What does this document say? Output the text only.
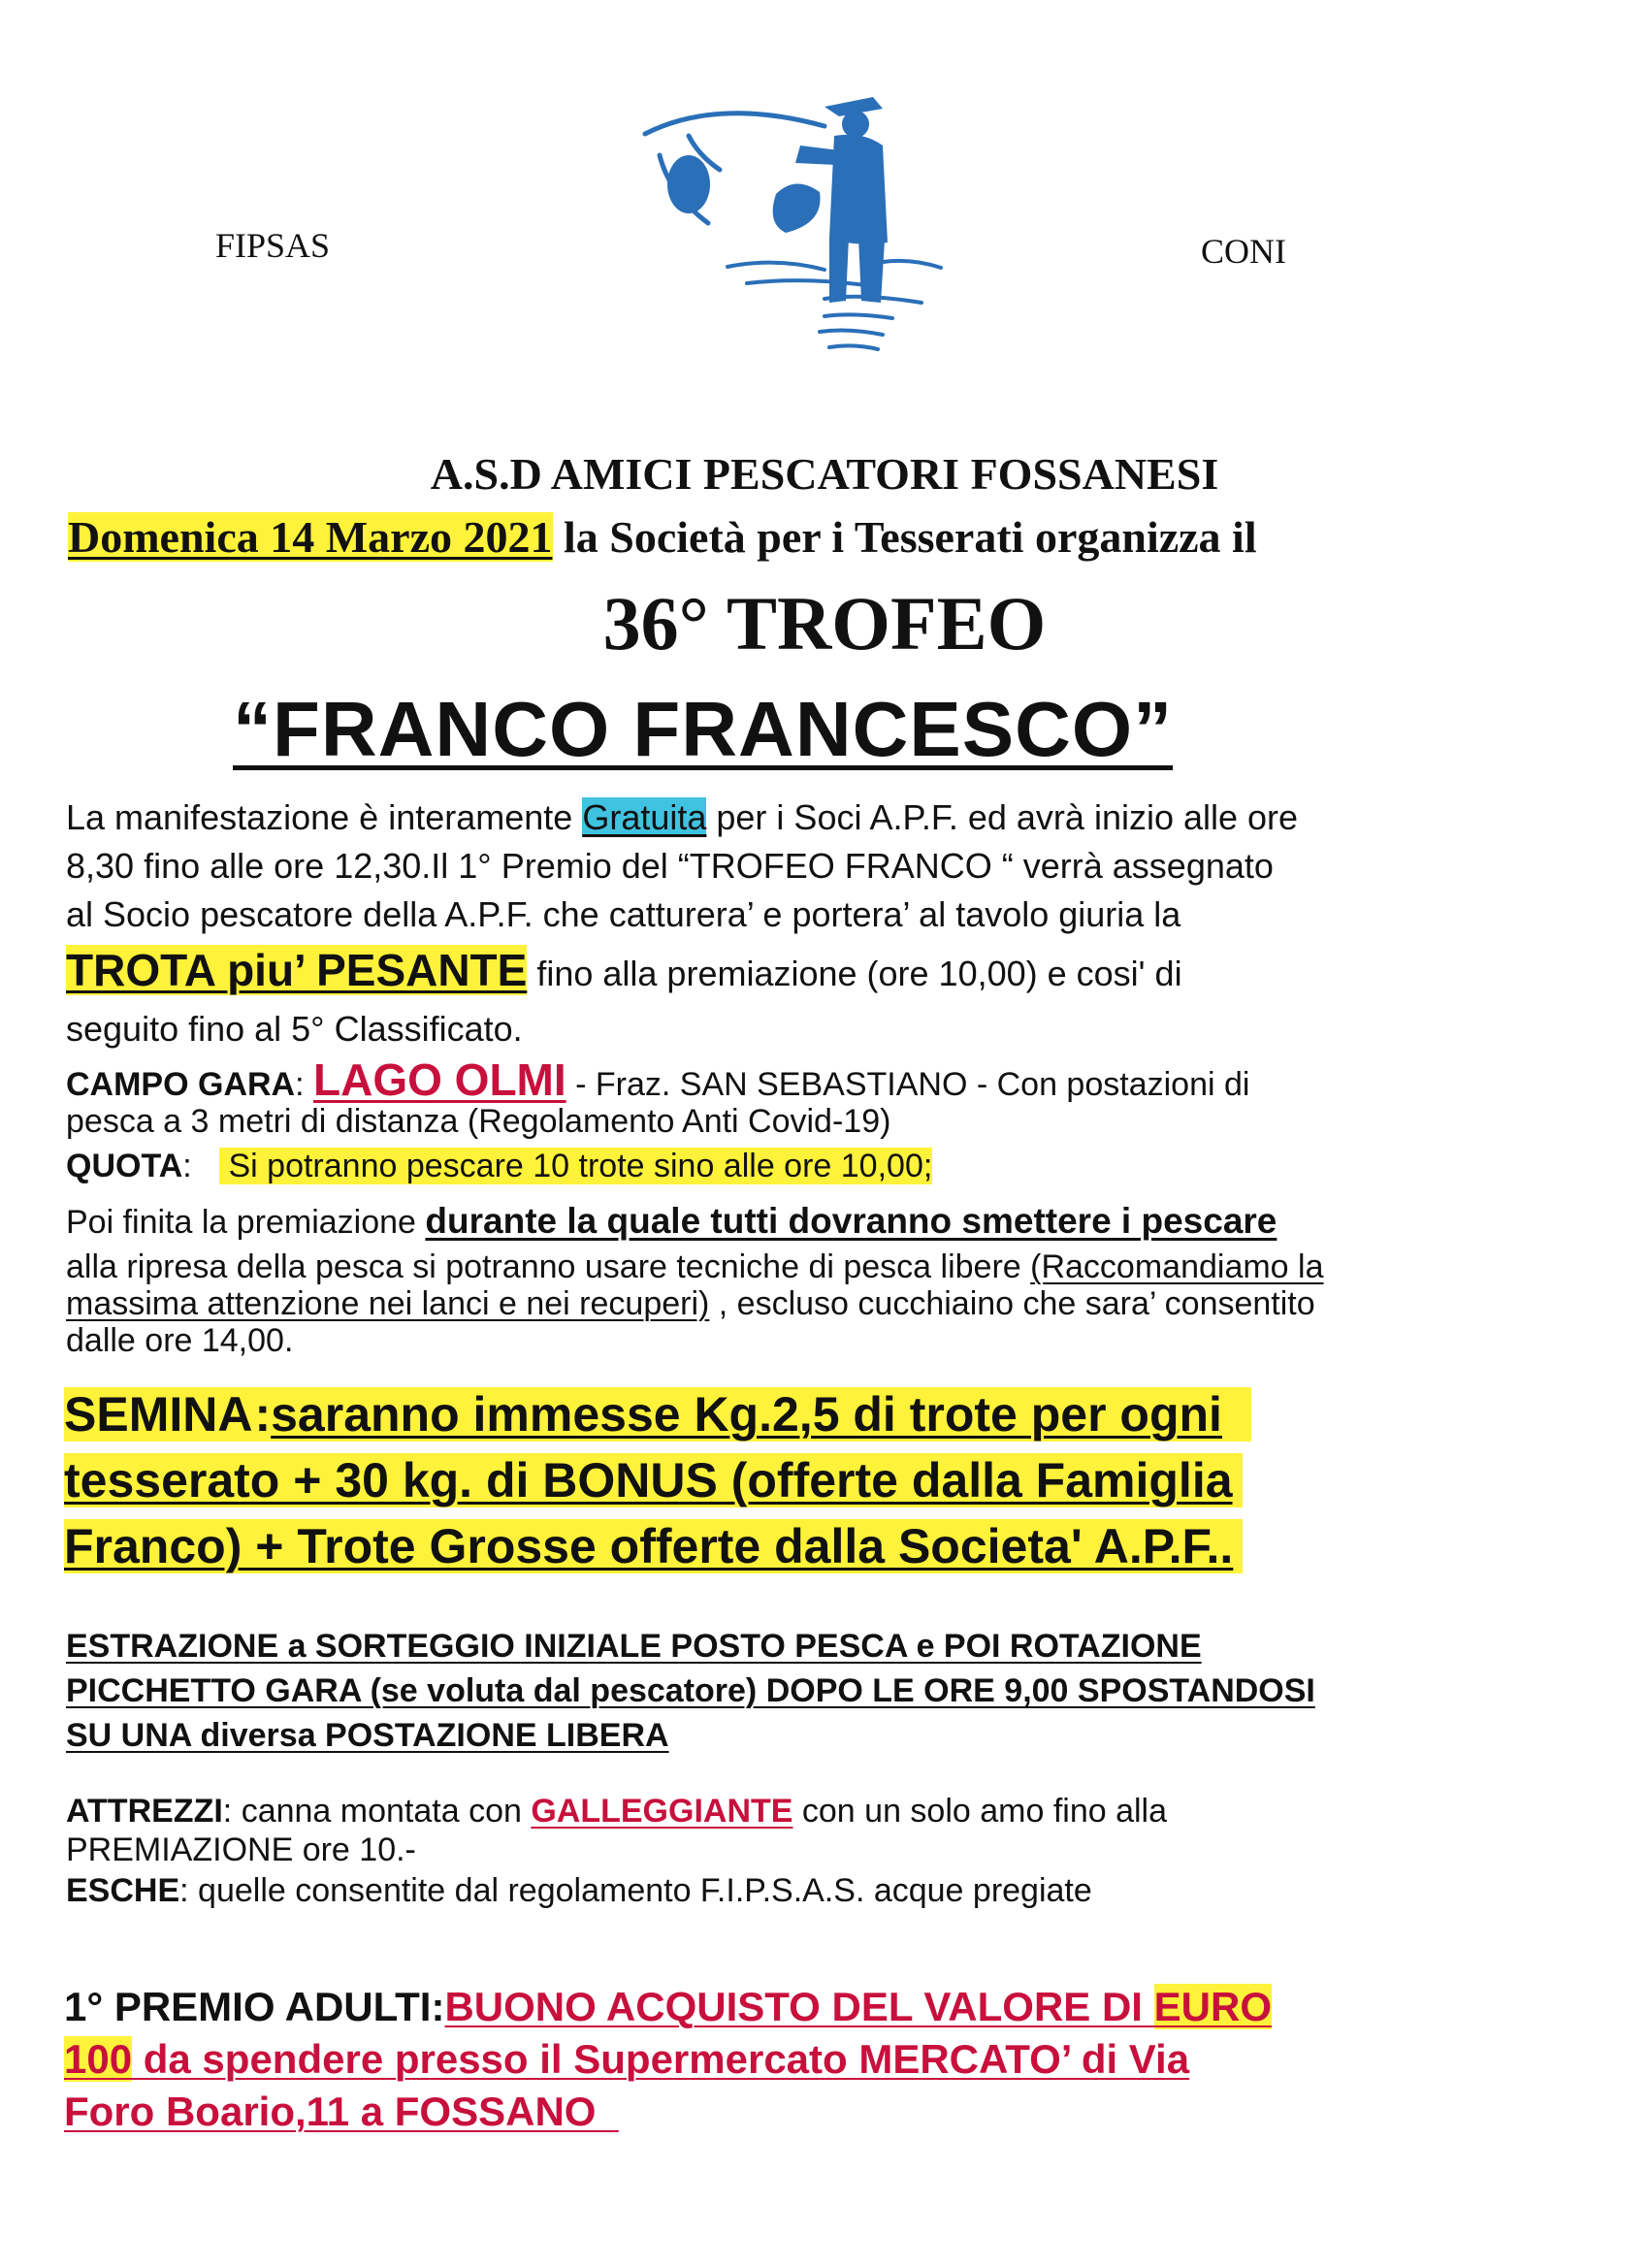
FIPSAS	CONI
A.S.D AMICI PESCATORI FOSSANESI
Domenica 14 Marzo 2021 la Società per i Tesserati organizza il
36° TROFEO
“FRANCO FRANCESCO”
La manifestazione è interamente Gratuita per i Soci A.P.F. ed avrà inizio alle ore
8,30 fino alle ore 12,30.Il 1° Premio del “TROFEO FRANCO “ verrà assegnato
al Socio pescatore della A.P.F. che catturera’ e portera’ al tavolo giuria la
TROTA piu’ PESANTE fino alla premiazione (ore 10,00) e cosi' di
seguito fino al 5° Classificato.
CAMPO GARA: LAGO OLMI - Fraz. SAN SEBASTIANO - Con postazioni di
pesca a 3 metri di distanza (Regolamento Anti Covid-19)
QUOTA:    Si potranno pescare 10 trote sino alle ore 10,00;
Poi finita la premiazione durante la quale tutti dovranno smettere i pescare
alla ripresa della pesca si potranno usare tecniche di pesca libere (Raccomandiamo la
massima attenzione nei lanci e nei recuperi) , escluso cucchiaino che sara’ consentito
dalle ore 14,00.
SEMINA:saranno immesse Kg.2,5 di trote per ogni
tesserato + 30 kg. di BONUS (offerte dalla Famiglia
Franco) + Trote Grosse offerte dalla Societa' A.P.F..
ESTRAZIONE a SORTEGGIO INIZIALE POSTO PESCA e POI ROTAZIONE
PICCHETTO GARA (se voluta dal pescatore) DOPO LE ORE 9,00 SPOSTANDOSI
SU UNA diversa POSTAZIONE LIBERA
ATTREZZI: canna montata con GALLEGGIANTE con un solo amo fino alla
PREMIAZIONE ore 10.-
ESCHE: quelle consentite dal regolamento F.I.P.S.A.S. acque pregiate
1° PREMIO ADULTI:BUONO ACQUISTO DEL VALORE DI EURO
100 da spendere presso il Supermercato MERCATO’ di Via
Foro Boario,11 a FOSSANO
